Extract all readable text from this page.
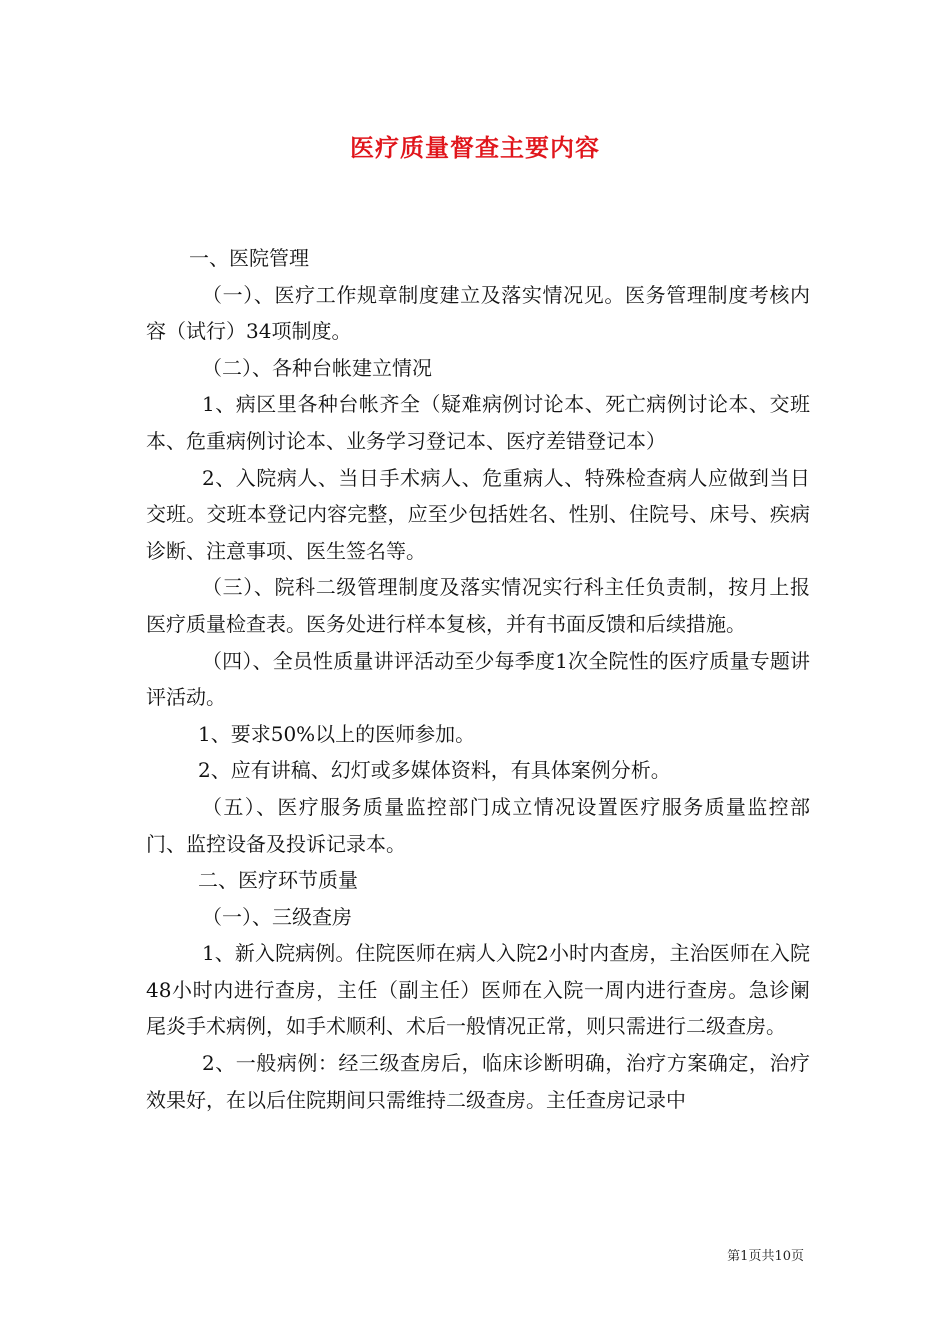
医疗质量督查主要内容

一、医院管理

（一）、医疗工作规章制度建立及落实情况见。医务管理制度考核内容（试行）34项制度。

（二）、各种台帐建立情况

1、病区里各种台帐齐全（疑难病例讨论本、死亡病例讨论本、交班本、危重病例讨论本、业务学习登记本、医疗差错登记本）

2、入院病人、当日手术病人、危重病人、特殊检查病人应做到当日交班。交班本登记内容完整，应至少包括姓名、性别、住院号、床号、疾病诊断、注意事项、医生签名等。

（三）、院科二级管理制度及落实情况实行科主任负责制，按月上报医疗质量检查表。医务处进行样本复核，并有书面反馈和后续措施。

（四）、全员性质量讲评活动至少每季度1次全院性的医疗质量专题讲评活动。

1、要求50%以上的医师参加。

2、应有讲稿、幻灯或多媒体资料，有具体案例分析。

（五）、医疗服务质量监控部门成立情况设置医疗服务质量监控部门、监控设备及投诉记录本。

二、医疗环节质量

（一）、三级查房

1、新入院病例。住院医师在病人入院2小时内查房，主治医师在入院48小时内进行查房，主任（副主任）医师在入院一周内进行查房。急诊阑尾炎手术病例，如手术顺利、术后一般情况正常，则只需进行二级查房。

2、一般病例：经三级查房后，临床诊断明确，治疗方案确定，治疗效果好，在以后住院期间只需维持二级查房。主任查房记录中

第1页共10页
